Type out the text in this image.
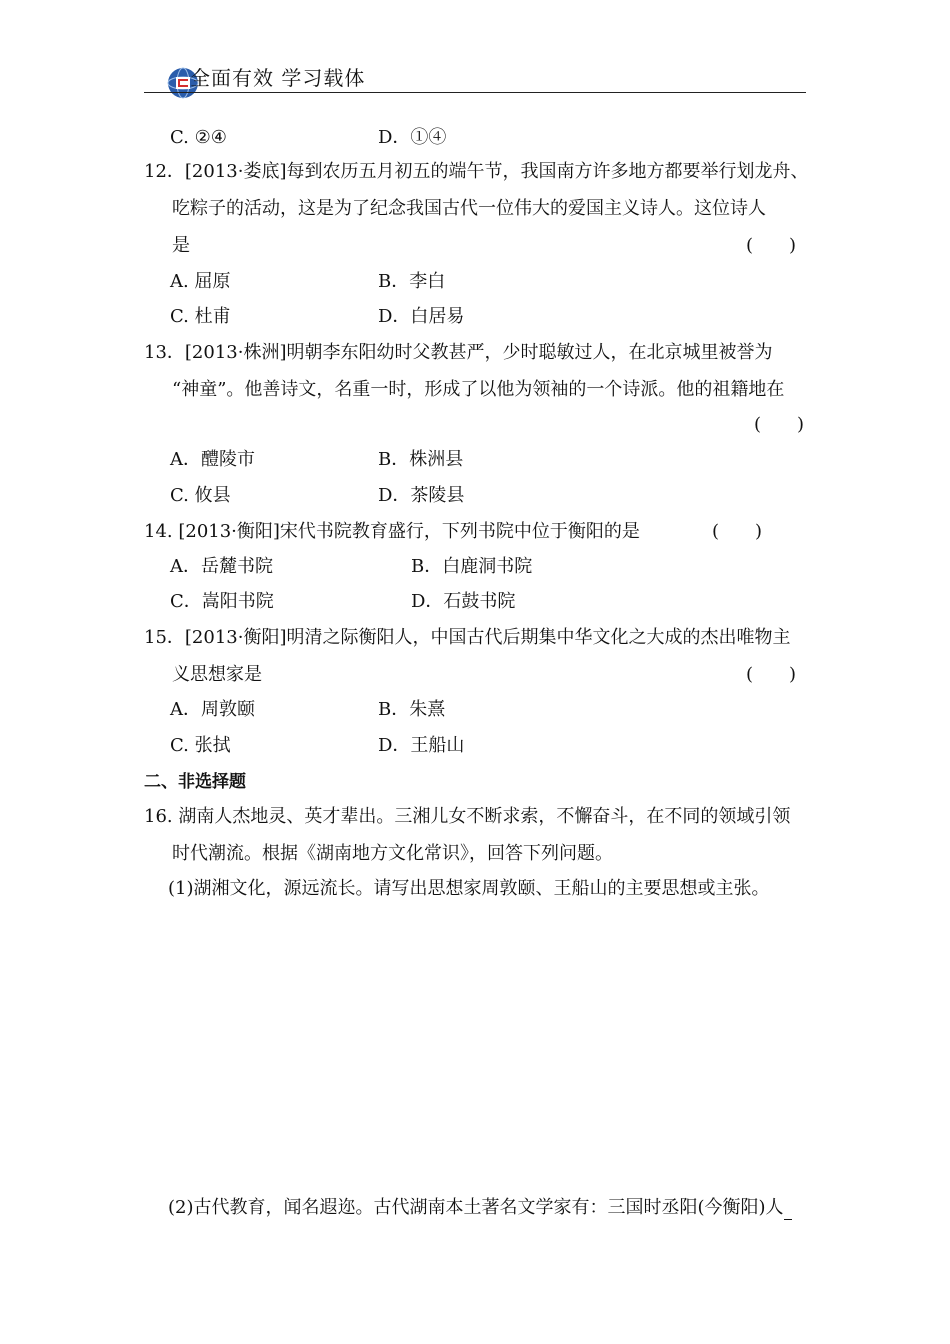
全面有效 学习载体
C. ②④	D．①④
12．[2013·娄底]每到农历五月初五的端午节，我国南方许多地方都要举行划龙舟、
吃粽子的活动，这是为了纪念我国古代一位伟大的爱国主义诗人。这位诗人
是	(　　)
A. 屈原	B．李白
C. 杜甫	D．白居易
13．[2013·株洲]明朝李东阳幼时父教甚严，少时聪敏过人，在北京城里被誉为
“神童”。他善诗文，名重一时，形成了以他为领袖的一个诗派。他的祖籍地在
(　　)
A．醴陵市	B．株洲县
C. 攸县	D．茶陵县
14. [2013·衡阳]宋代书院教育盛行，下列书院中位于衡阳的是	(　　)
A．岳麓书院	B．白鹿洞书院
C．嵩阳书院	D．石鼓书院
15．[2013·衡阳]明清之际衡阳人，中国古代后期集中华文化之大成的杰出唯物主
义思想家是	(　　)
A．周敦颐	B．朱熹
C. 张拭	D．王船山
二、非选择题
16. 湖南人杰地灵、英才辈出。三湘儿女不断求索，不懈奋斗，在不同的领域引领
时代潮流。根据《湖南地方文化常识》，回答下列问题。
(1)湖湘文化，源远流长。请写出思想家周敦颐、王船山的主要思想或主张。
(2)古代教育，闻名遐迩。古代湖南本土著名文学家有：三国时丞阳(今衡阳)人
